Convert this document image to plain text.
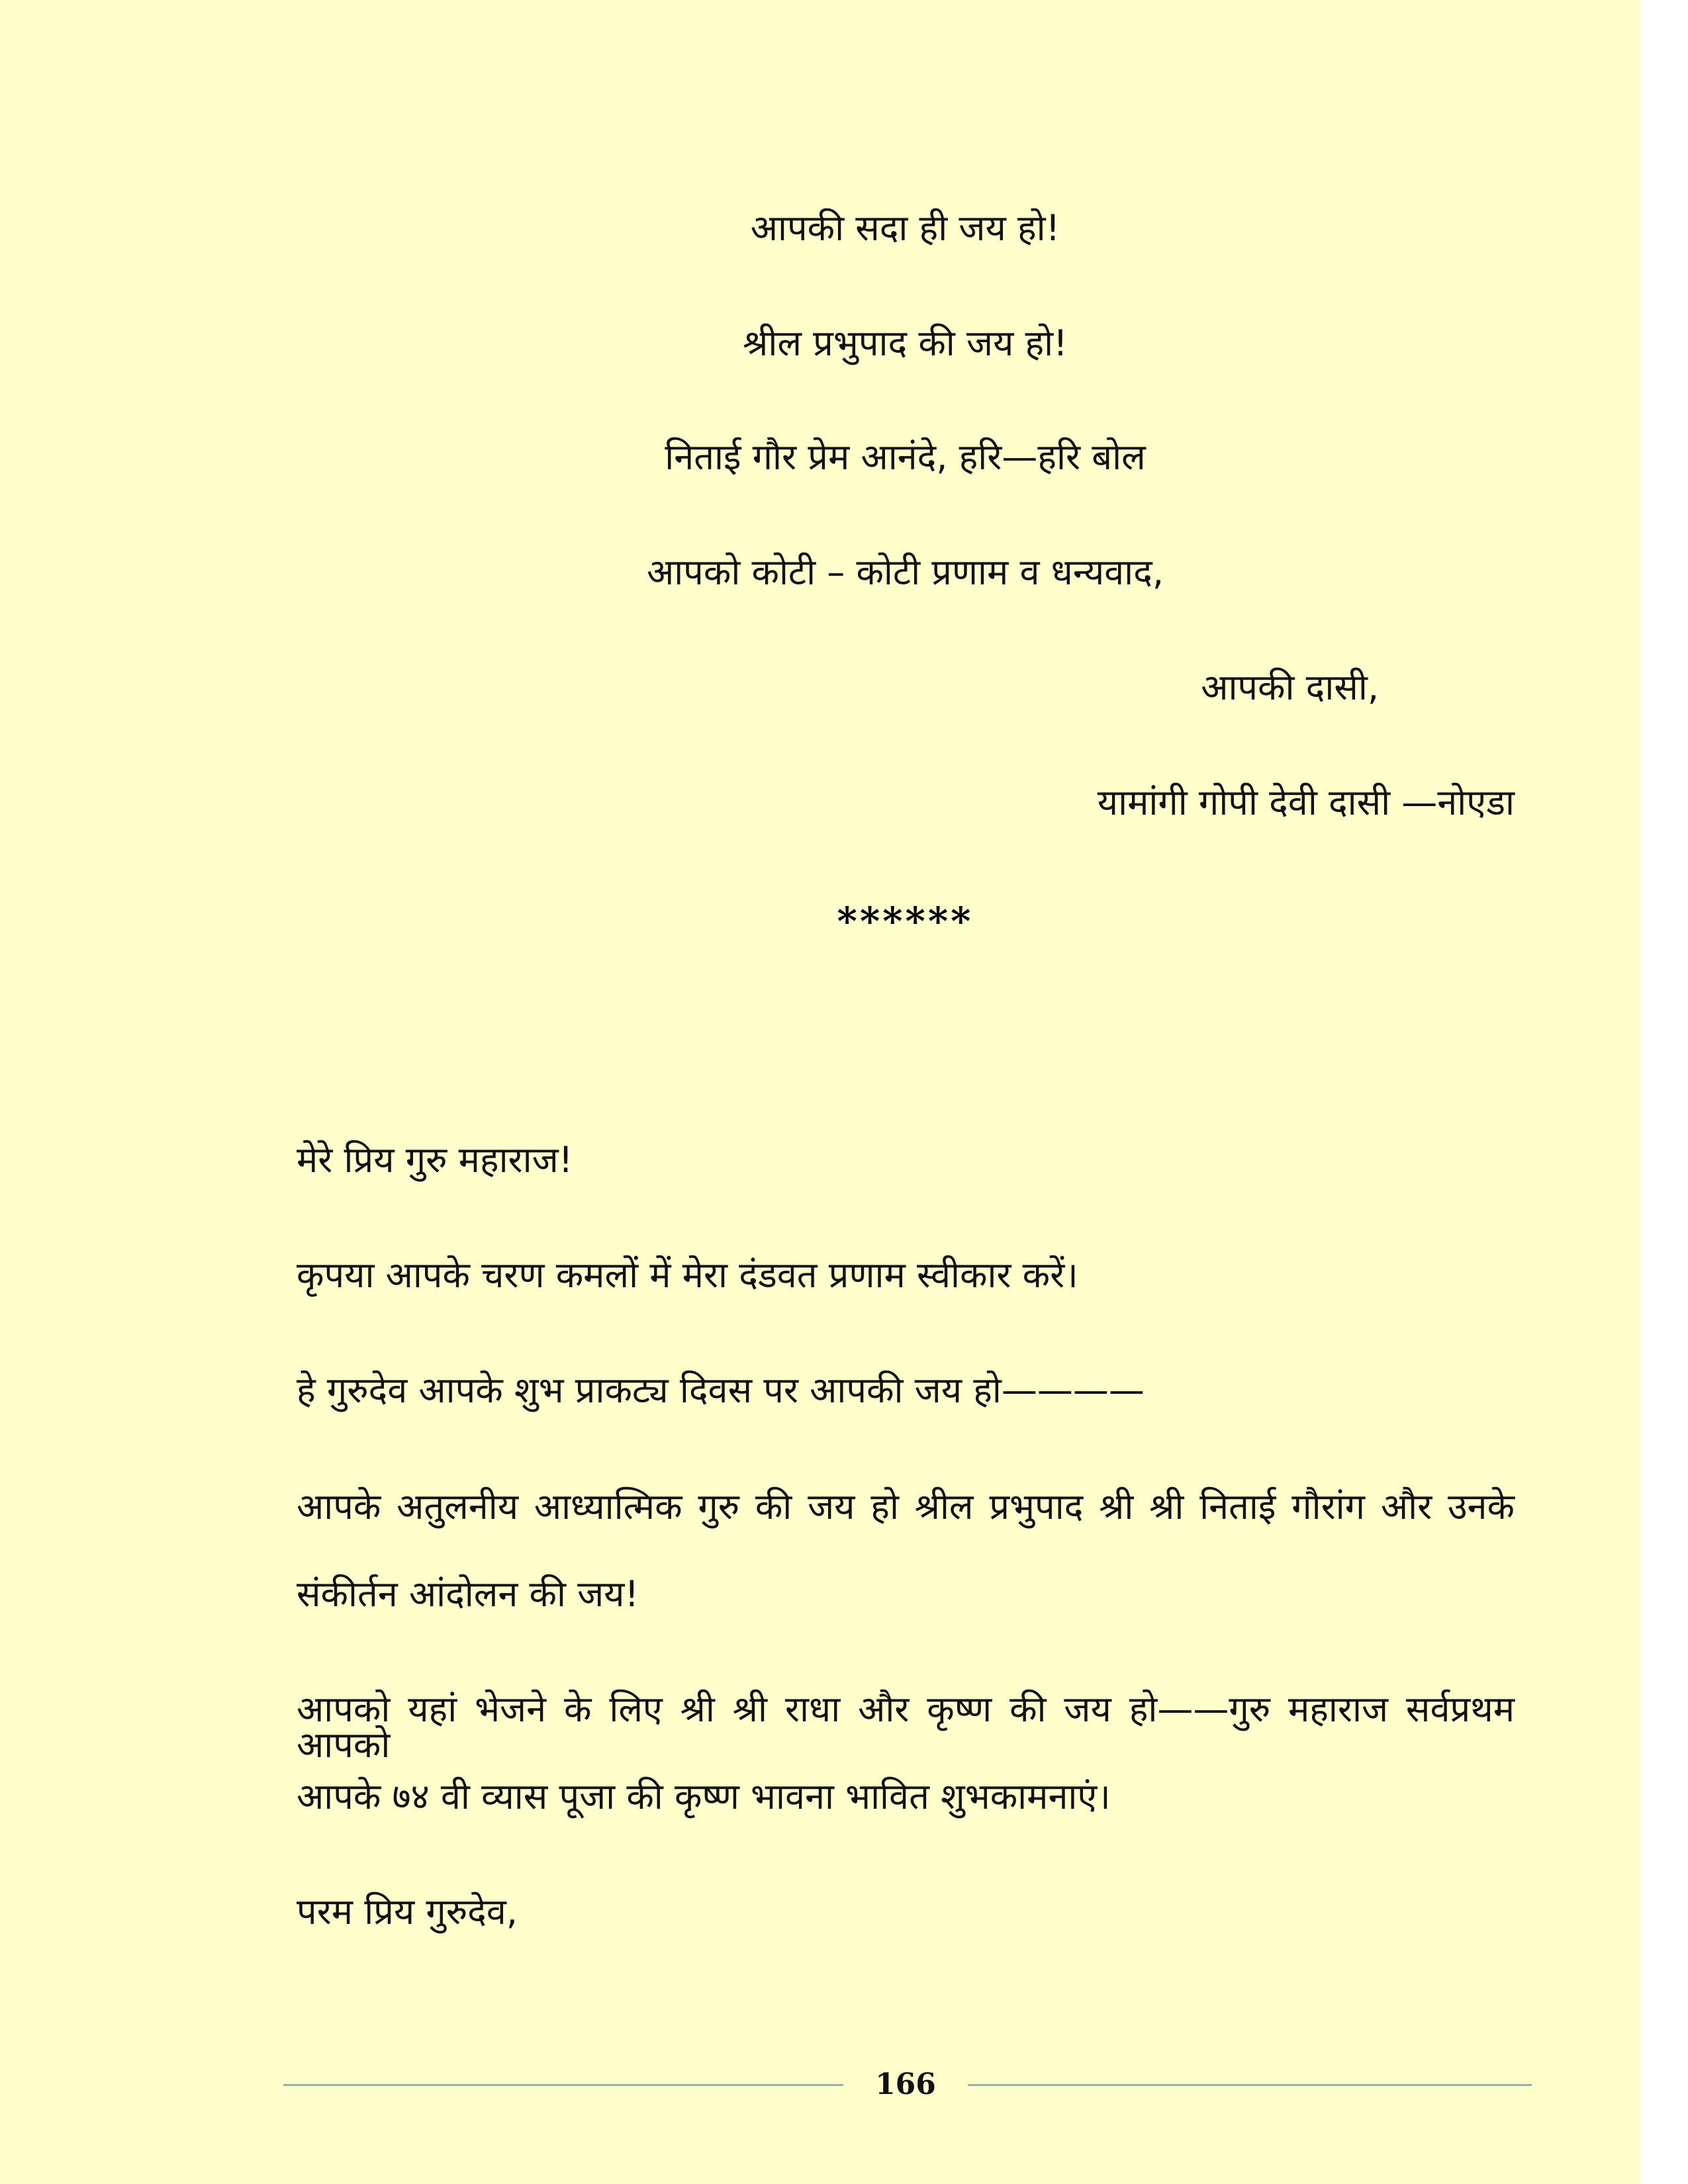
आपकी सदा ही जय हो!
श्रील प्रभुपाद की जय हो!
निताई गौर प्रेम आनंदे, हरि—हरि बोल
आपको कोटी – कोटी प्रणाम व धन्यवाद,
आपकी दासी,
यामांगी गोपी देवी दासी —नोएडा
******
मेरे प्रिय गुरु महाराज!
कृपया आपके चरण कमलों में मेरा दंडवत प्रणाम स्वीकार करें।
हे गुरुदेव आपके शुभ प्राकट्य दिवस पर आपकी जय हो————
आपके अतुलनीय आध्यात्मिक गुरु की जय हो श्रील प्रभुपाद श्री श्री निताई गौरांग और उनके
संकीर्तन आंदोलन की जय!
आपको यहां भेजने के लिए श्री श्री राधा और कृष्ण की जय हो——गुरु महाराज सर्वप्रथम आपको
आपके ७४ वी व्यास पूजा की कृष्ण भावना भावित शुभकामनाएं।
परम प्रिय गुरुदेव,
166
